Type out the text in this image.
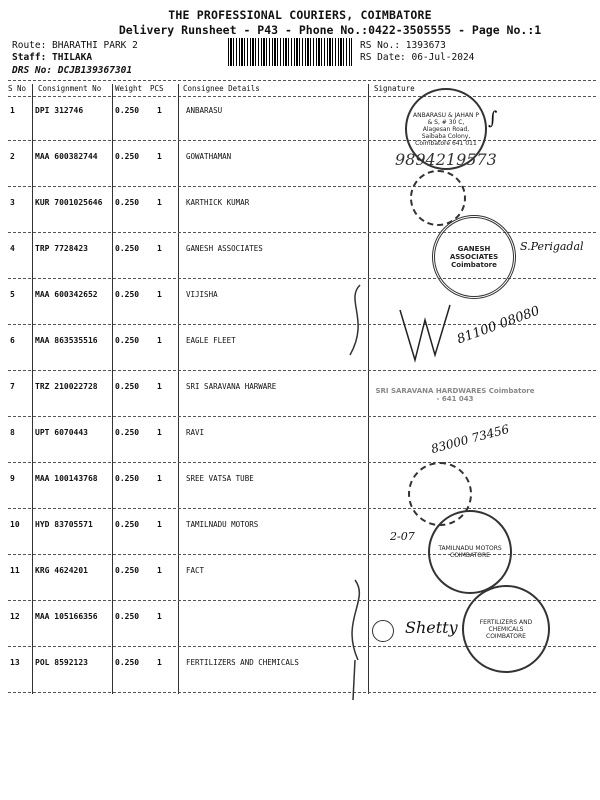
THE PROFESSIONAL COURIERS, COIMBATORE
Delivery Runsheet - P43 - Phone No.:0422-3505555 - Page No.:1
Route: BHARATHI PARK 2
Staff: THILAKA
DRS No: DCJB139367301
RS No.: 1393673
RS Date: 06-Jul-2024
S No Consignment No Weight PCS	Consignee Details	Signature
1	DPI 312746	0.250 1	ANBARASU
2	MAA 600382744 0.250 1	GOWATHAMAN
3	KUR 7001025646 0.250 1	KARTHICK KUMAR
4	TRP 7728423	0.250 1	GANESH ASSOCIATES
5	MAA 600342652 0.250 1	VIJISHA
6	MAA 863535516 0.250 1	EAGLE FLEET
7	TRZ 210022728 0.250 1	SRI SARAVANA HARWARE
8	UPT 6070443	0.250 1	RAVI
9	MAA 100143768 0.250 1	SREE VATSA TUBE
10 HYD 83705571	0.250 1	TAMILNADU MOTORS
11 KRG 4624201	0.250 1	FACT
12 MAA 105166356 0.250 1
13 POL 8592123	0.250 1	FERTILIZERS AND CHEMICALS
ANBARASU & JAHAN P & S, # 30 C, Alagesan Road, Saibaba Colony, Coimbatore 641 011
∫
9894219573
GANESH ASSOCIATES Coimbatore
S.Perigadal
81100 08080
SRI SARAVANA HARDWARES Coimbatore - 641 043
83000 73456
TAMILNADU MOTORS COIMBATORE
2-07
Shetty	FERTILIZERS AND CHEMICALS COIMBATORE
